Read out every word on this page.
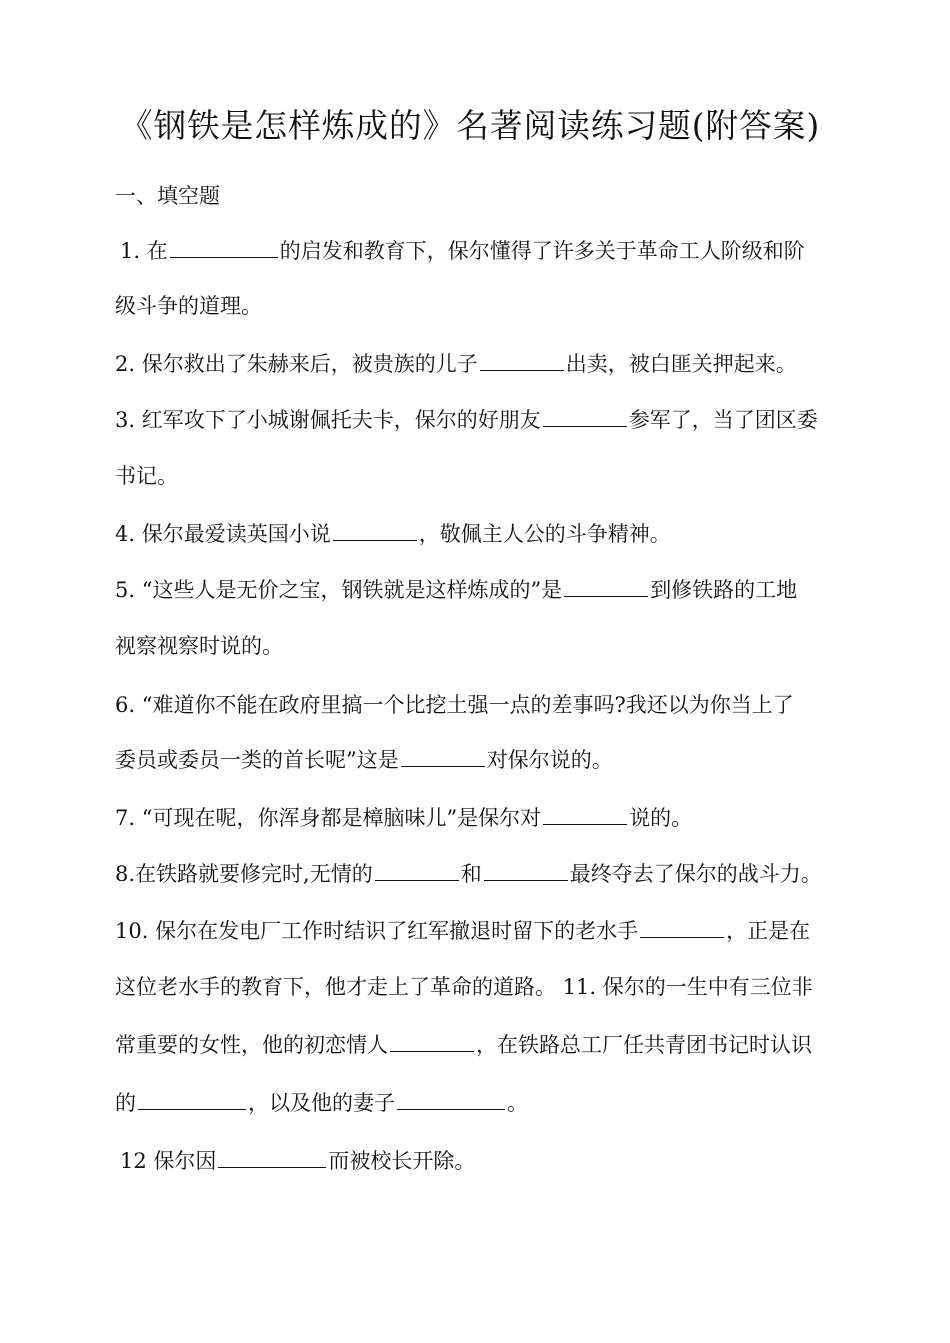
《钢铁是怎样炼成的》名著阅读练习题(附答案)
一、填空题
1. 在	的启发和教育下，保尔懂得了许多关于革命工人阶级和阶
级斗争的道理。
2. 保尔救出了朱赫来后，被贵族的儿子	出卖，被白匪关押起来。
3. 红军攻下了小城谢佩托夫卡，保尔的好朋友	参军了，当了团区委
书记。
4. 保尔最爱读英国小说	，敬佩主人公的斗争精神。
5. “这些人是无价之宝，钢铁就是这样炼成的”是	到修铁路的工地
视察视察时说的。
6. “难道你不能在政府里搞一个比挖土强一点的差事吗?我还以为你当上了
委员或委员一类的首长呢”这是	对保尔说的。
7. “可现在呢，你浑身都是樟脑味儿”是保尔对	说的。
8.在铁路就要修完时,无情的	和	最终夺去了保尔的战斗力。
10. 保尔在发电厂工作时结识了红军撤退时留下的老水手	，正是在
这位老水手的教育下，他才走上了革命的道路。 11. 保尔的一生中有三位非
常重要的女性，他的初恋情人	，在铁路总工厂任共青团书记时认识
的	，以及他的妻子	。
12 保尔因	而被校长开除。
